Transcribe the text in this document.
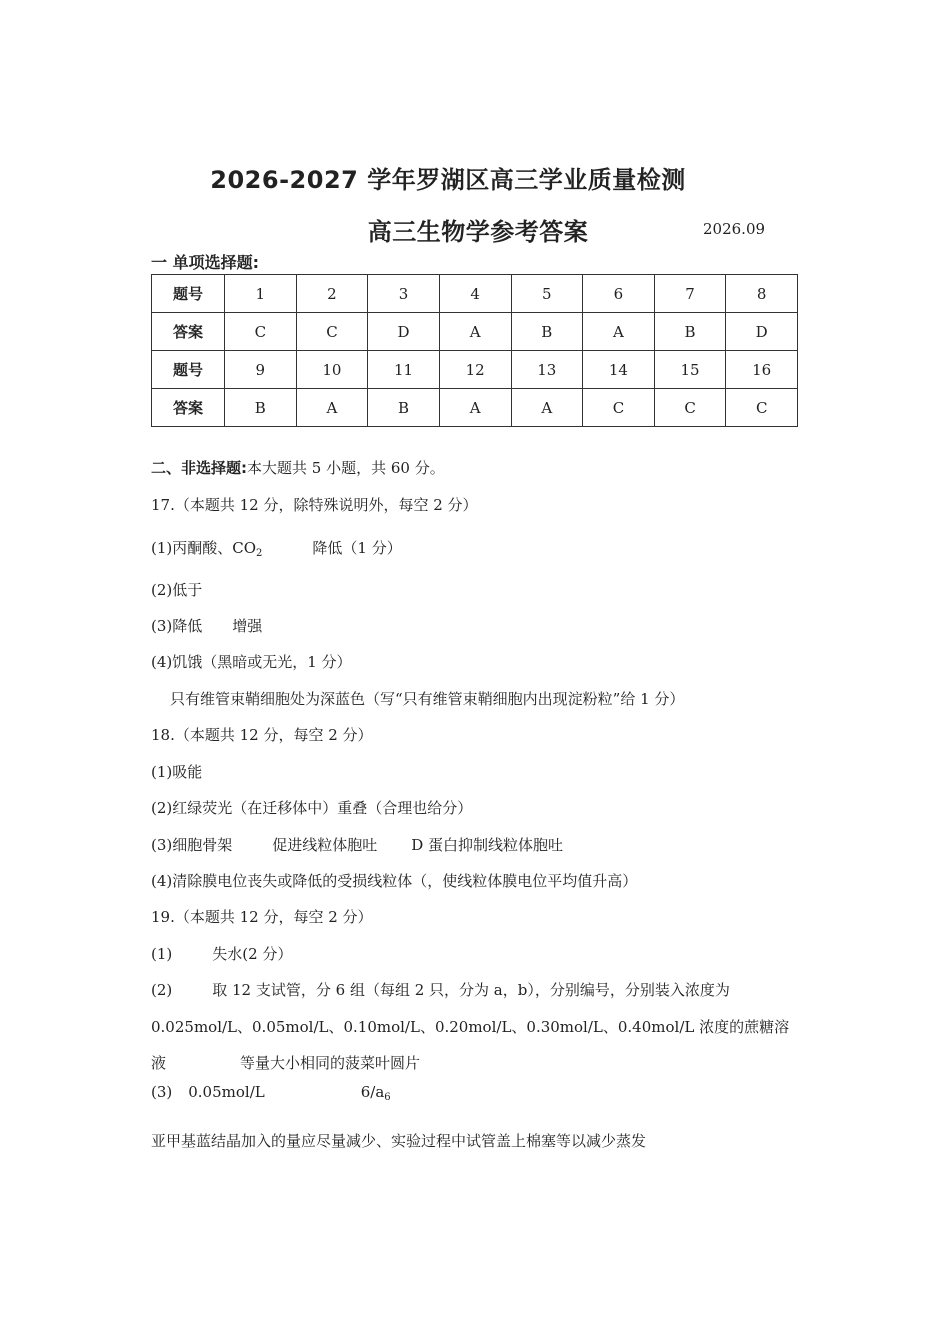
2026-2027 学年罗湖区高三学业质量检测
高三生物学参考答案	2026.09
一 单项选择题:
题号	1	2	3	4	5	6	7	8
答案	C	C	D	A	B	A	B	D
题号	9	10	11	12	13	14	15	16
答案	B	A	B	A	A	C	C	C
二、非选择题:本大题共 5 小题，共 60 分。
17.（本题共 12 分，除特殊说明外，每空 2 分）
(1)丙酮酸、$CO_2$	降低（1 分）
(2)低于
(3)降低 增强
(4)饥饿（黑暗或无光，1 分）
只有维管束鞘细胞处为深蓝色（写“只有维管束鞘细胞内出现淀粉粒”给 1 分）
18.（本题共 12 分，每空 2 分）
(1)吸能
(2)红绿荧光（在迁移体中）重叠（合理也给分）
(3)细胞骨架	促进线粒体胞吐 D 蛋白抑制线粒体胞吐
(4)清除膜电位丧失或降低的受损线粒体（，使线粒体膜电位平均值升高）
19.（本题共 12 分，每空 2 分）
(1)	失水(2 分）
(2)	取 12 支试管，分 6 组（每组 2 只，分为 a，b），分别编号，分别装入浓度为
0.025mol/L、0.05mol/L、0.10mol/L、0.20mol/L、0.30mol/L、0.40mol/L 浓度的蔗糖溶
液	等量大小相同的菠菜叶圆片
(3) 0.05mol/L	$6/a_6$
亚甲基蓝结晶加入的量应尽量减少、实验过程中试管盖上棉塞等以减少蒸发
